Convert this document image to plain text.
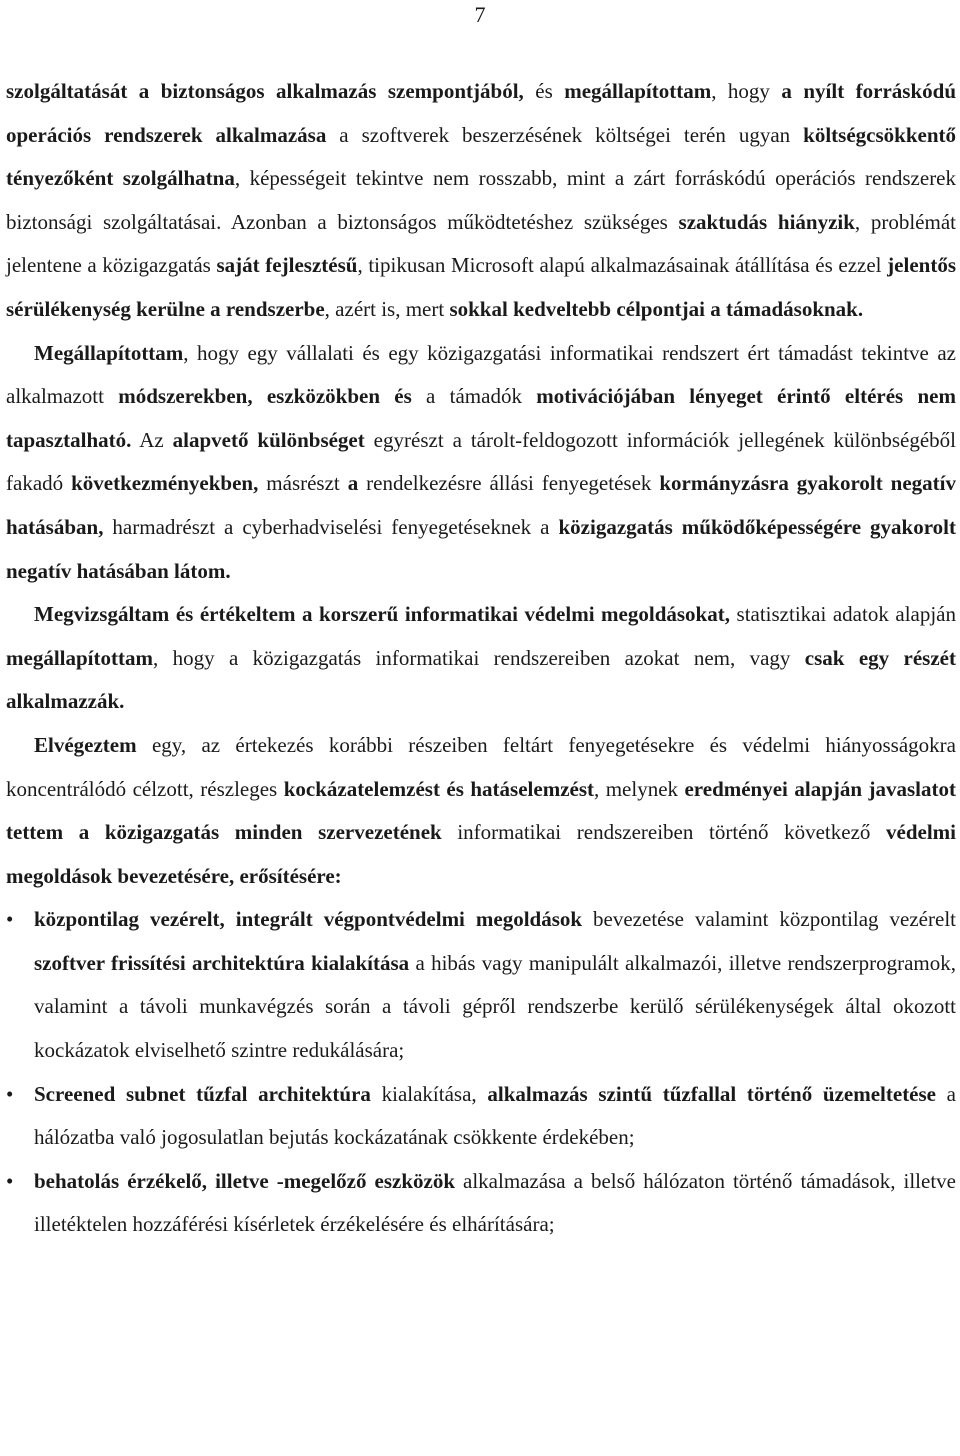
7

szolgáltatását a biztonságos alkalmazás szempontjából, és megállapítottam, hogy a nyílt forráskódú operációs rendszerek alkalmazása a szoftverek beszerzésének költségei terén ugyan költségcsökkentő tényezőként szolgálhatna, képességeit tekintve nem rosszabb, mint a zárt forráskódú operációs rendszerek biztonsági szolgáltatásai. Azonban a biztonságos működtetéshez szükséges szaktudás hiányzik, problémát jelentene a közigazgatás saját fejlesztésű, tipikusan Microsoft alapú alkalmazásainak átállítása és ezzel jelentős sérülékenység kerülne a rendszerbe, azért is, mert sokkal kedveltebb célpontjai a támadásoknak.

Megállapítottam, hogy egy vállalati és egy közigazgatási informatikai rendszert ért támadást tekintve az alkalmazott módszerekben, eszközökben és a támadók motivációjában lényeget érintő eltérés nem tapasztalható. Az alapvető különbséget egyrészt a tárolt-feldogozott információk jellegének különbségéből fakadó következményekben, másrészt a rendelkezésre állási fenyegetések kormányzásra gyakorolt negatív hatásában, harmadrészt a cyberhadviselési fenyegetéseknek a közigazgatás működőképességére gyakorolt negatív hatásában látom.

Megvizsgáltam és értékeltem a korszerű informatikai védelmi megoldásokat, statisztikai adatok alapján megállapítottam, hogy a közigazgatás informatikai rendszereiben azokat nem, vagy csak egy részét alkalmazzák.

Elvégeztem egy, az értekezés korábbi részeiben feltárt fenyegetésekre és védelmi hiányosságokra koncentrálódó célzott, részleges kockázatelemzést és hatáselemzést, melynek eredményei alapján javaslatot tettem a közigazgatás minden szervezetének informatikai rendszereiben történő következő védelmi megoldások bevezetésére, erősítésére:

• központilag vezérelt, integrált végpontvédelmi megoldások bevezetése valamint központilag vezérelt szoftver frissítési architektúra kialakítása a hibás vagy manipulált alkalmazói, illetve rendszerprogramok, valamint a távoli munkavégzés során a távoli gépről rendszerbe kerülő sérülékenységek által okozott kockázatok elviselhető szintre redukálására;
• Screened subnet tűzfal architektúra kialakítása, alkalmazás szintű tűzfallal történő üzemeltetése a hálózatba való jogosulatlan bejutás kockázatának csökkente érdekében;
• behatolás érzékelő, illetve -megelőző eszközök alkalmazása a belső hálózaton történő támadások, illetve illetéktelen hozzáférési kísérletek érzékelésére és elhárítására;
